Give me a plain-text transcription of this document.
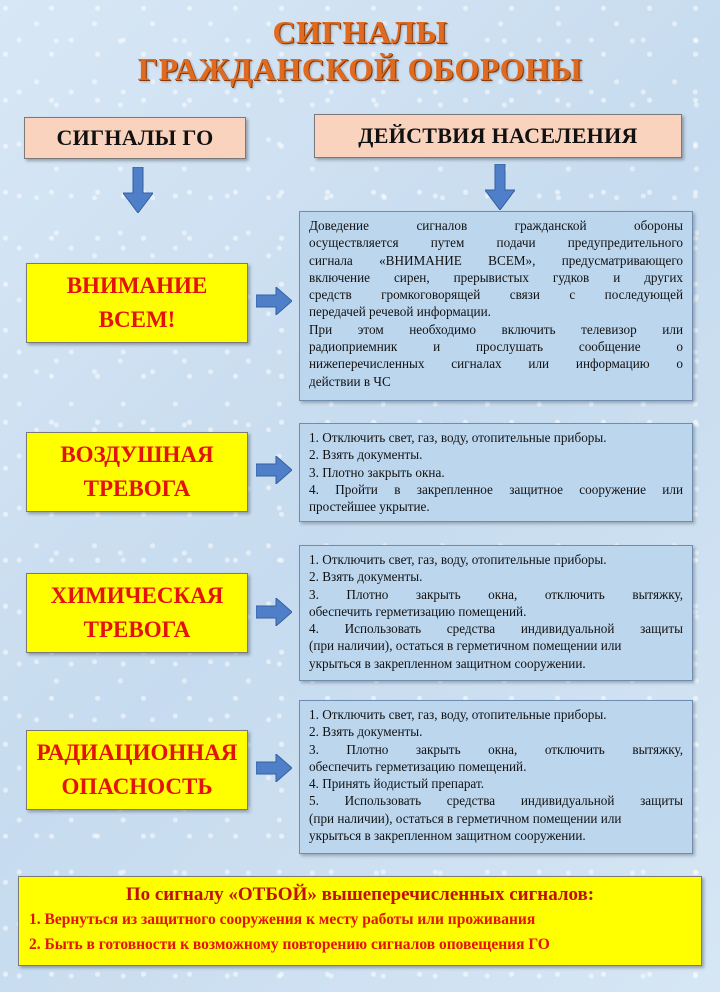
СИГНАЛЫ
ГРАЖДАНСКОЙ ОБОРОНЫ
СИГНАЛЫ ГО	ДЕЙСТВИЯ НАСЕЛЕНИЯ
ВНИМАНИЕ
ВСЕМ!
Доведение сигналов гражданской обороны
осуществляется путем подачи предупредительного
сигнала «ВНИМАНИЕ ВСЕМ», предусматривающего
включение сирен, прерывистых гудков и других
средств громкоговорящей связи с последующей
передачей речевой информации.
При этом необходимо включить телевизор или
радиоприемник и прослушать сообщение о
нижеперечисленных сигналах или информацию о
действии в ЧС
ВОЗДУШНАЯ
ТРЕВОГА
1. Отключить свет, газ, воду, отопительные приборы.
2. Взять документы.
3. Плотно закрыть окна.
4. Пройти в закрепленное защитное сооружение или
простейшее укрытие.
ХИМИЧЕСКАЯ
ТРЕВОГА
1. Отключить свет, газ, воду, отопительные приборы.
2. Взять документы.
3. Плотно закрыть окна, отключить вытяжку,
обеспечить герметизацию помещений.
4. Использовать средства индивидуальной защиты
(при наличии), остаться в герметичном помещении или
укрыться в закрепленном защитном сооружении.
РАДИАЦИОННАЯ
ОПАСНОСТЬ
1. Отключить свет, газ, воду, отопительные приборы.
2. Взять документы.
3. Плотно закрыть окна, отключить вытяжку,
обеспечить герметизацию помещений.
4. Принять йодистый препарат.
5. Использовать средства индивидуальной защиты
(при наличии), остаться в герметичном помещении или
укрыться в закрепленном защитном сооружении.
По сигналу «ОТБОЙ» вышеперечисленных сигналов:
1. Вернуться из защитного сооружения к месту работы или проживания
2. Быть в готовности к возможному повторению сигналов оповещения ГО
